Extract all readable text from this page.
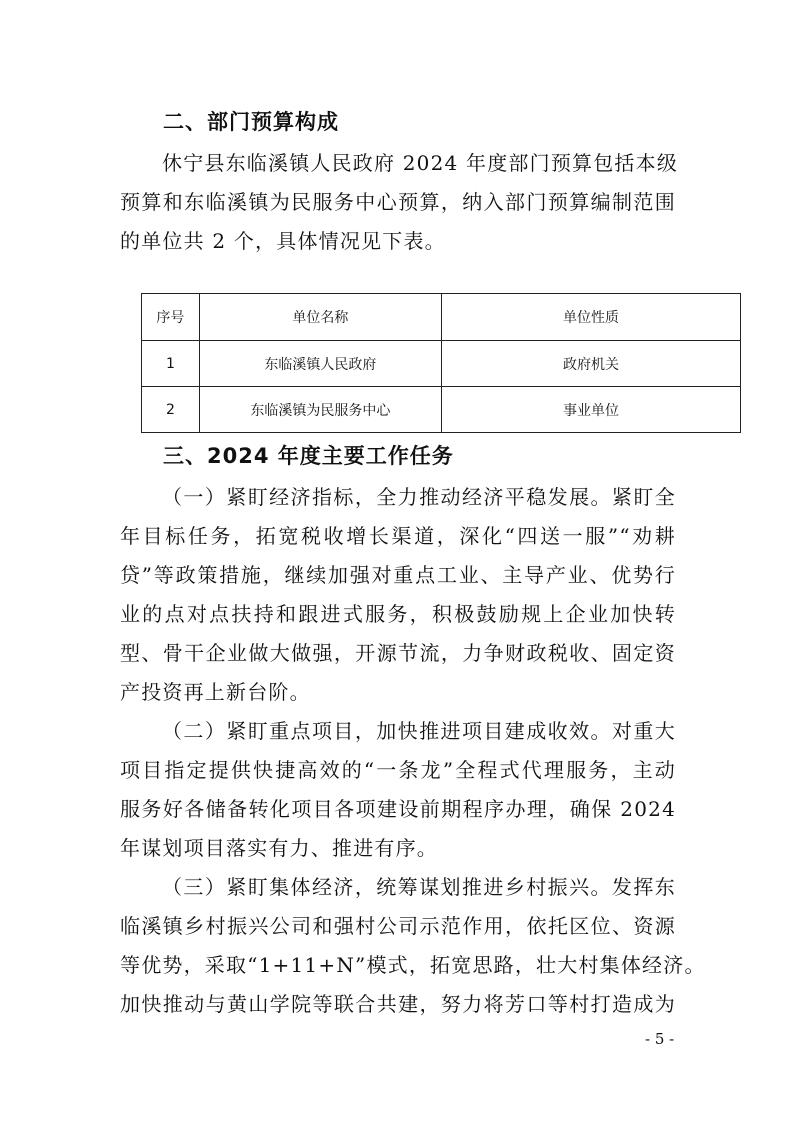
二、部门预算构成
休宁县东临溪镇人民政府 2024 年度部门预算包括本级
预算和东临溪镇为民服务中心预算，纳入部门预算编制范围
的单位共 2 个，具体情况见下表。
序号	单位名称	单位性质
1	东临溪镇人民政府	政府机关
2	东临溪镇为民服务中心	事业单位
三、2024 年度主要工作任务
（一）紧盯经济指标，全力推动经济平稳发展。紧盯全
年目标任务，拓宽税收增长渠道，深化“四送一服”“劝耕
贷”等政策措施，继续加强对重点工业、主导产业、优势行
业的点对点扶持和跟进式服务，积极鼓励规上企业加快转
型、骨干企业做大做强，开源节流，力争财政税收、固定资
产投资再上新台阶。
（二）紧盯重点项目，加快推进项目建成收效。对重大
项目指定提供快捷高效的“一条龙”全程式代理服务，主动
服务好各储备转化项目各项建设前期程序办理，确保 2024
年谋划项目落实有力、推进有序。
（三）紧盯集体经济，统筹谋划推进乡村振兴。发挥东
临溪镇乡村振兴公司和强村公司示范作用，依托区位、资源
等优势，采取“1+11+N”模式，拓宽思路，壮大村集体经济。
加快推动与黄山学院等联合共建，努力将芳口等村打造成为
- 5 -
